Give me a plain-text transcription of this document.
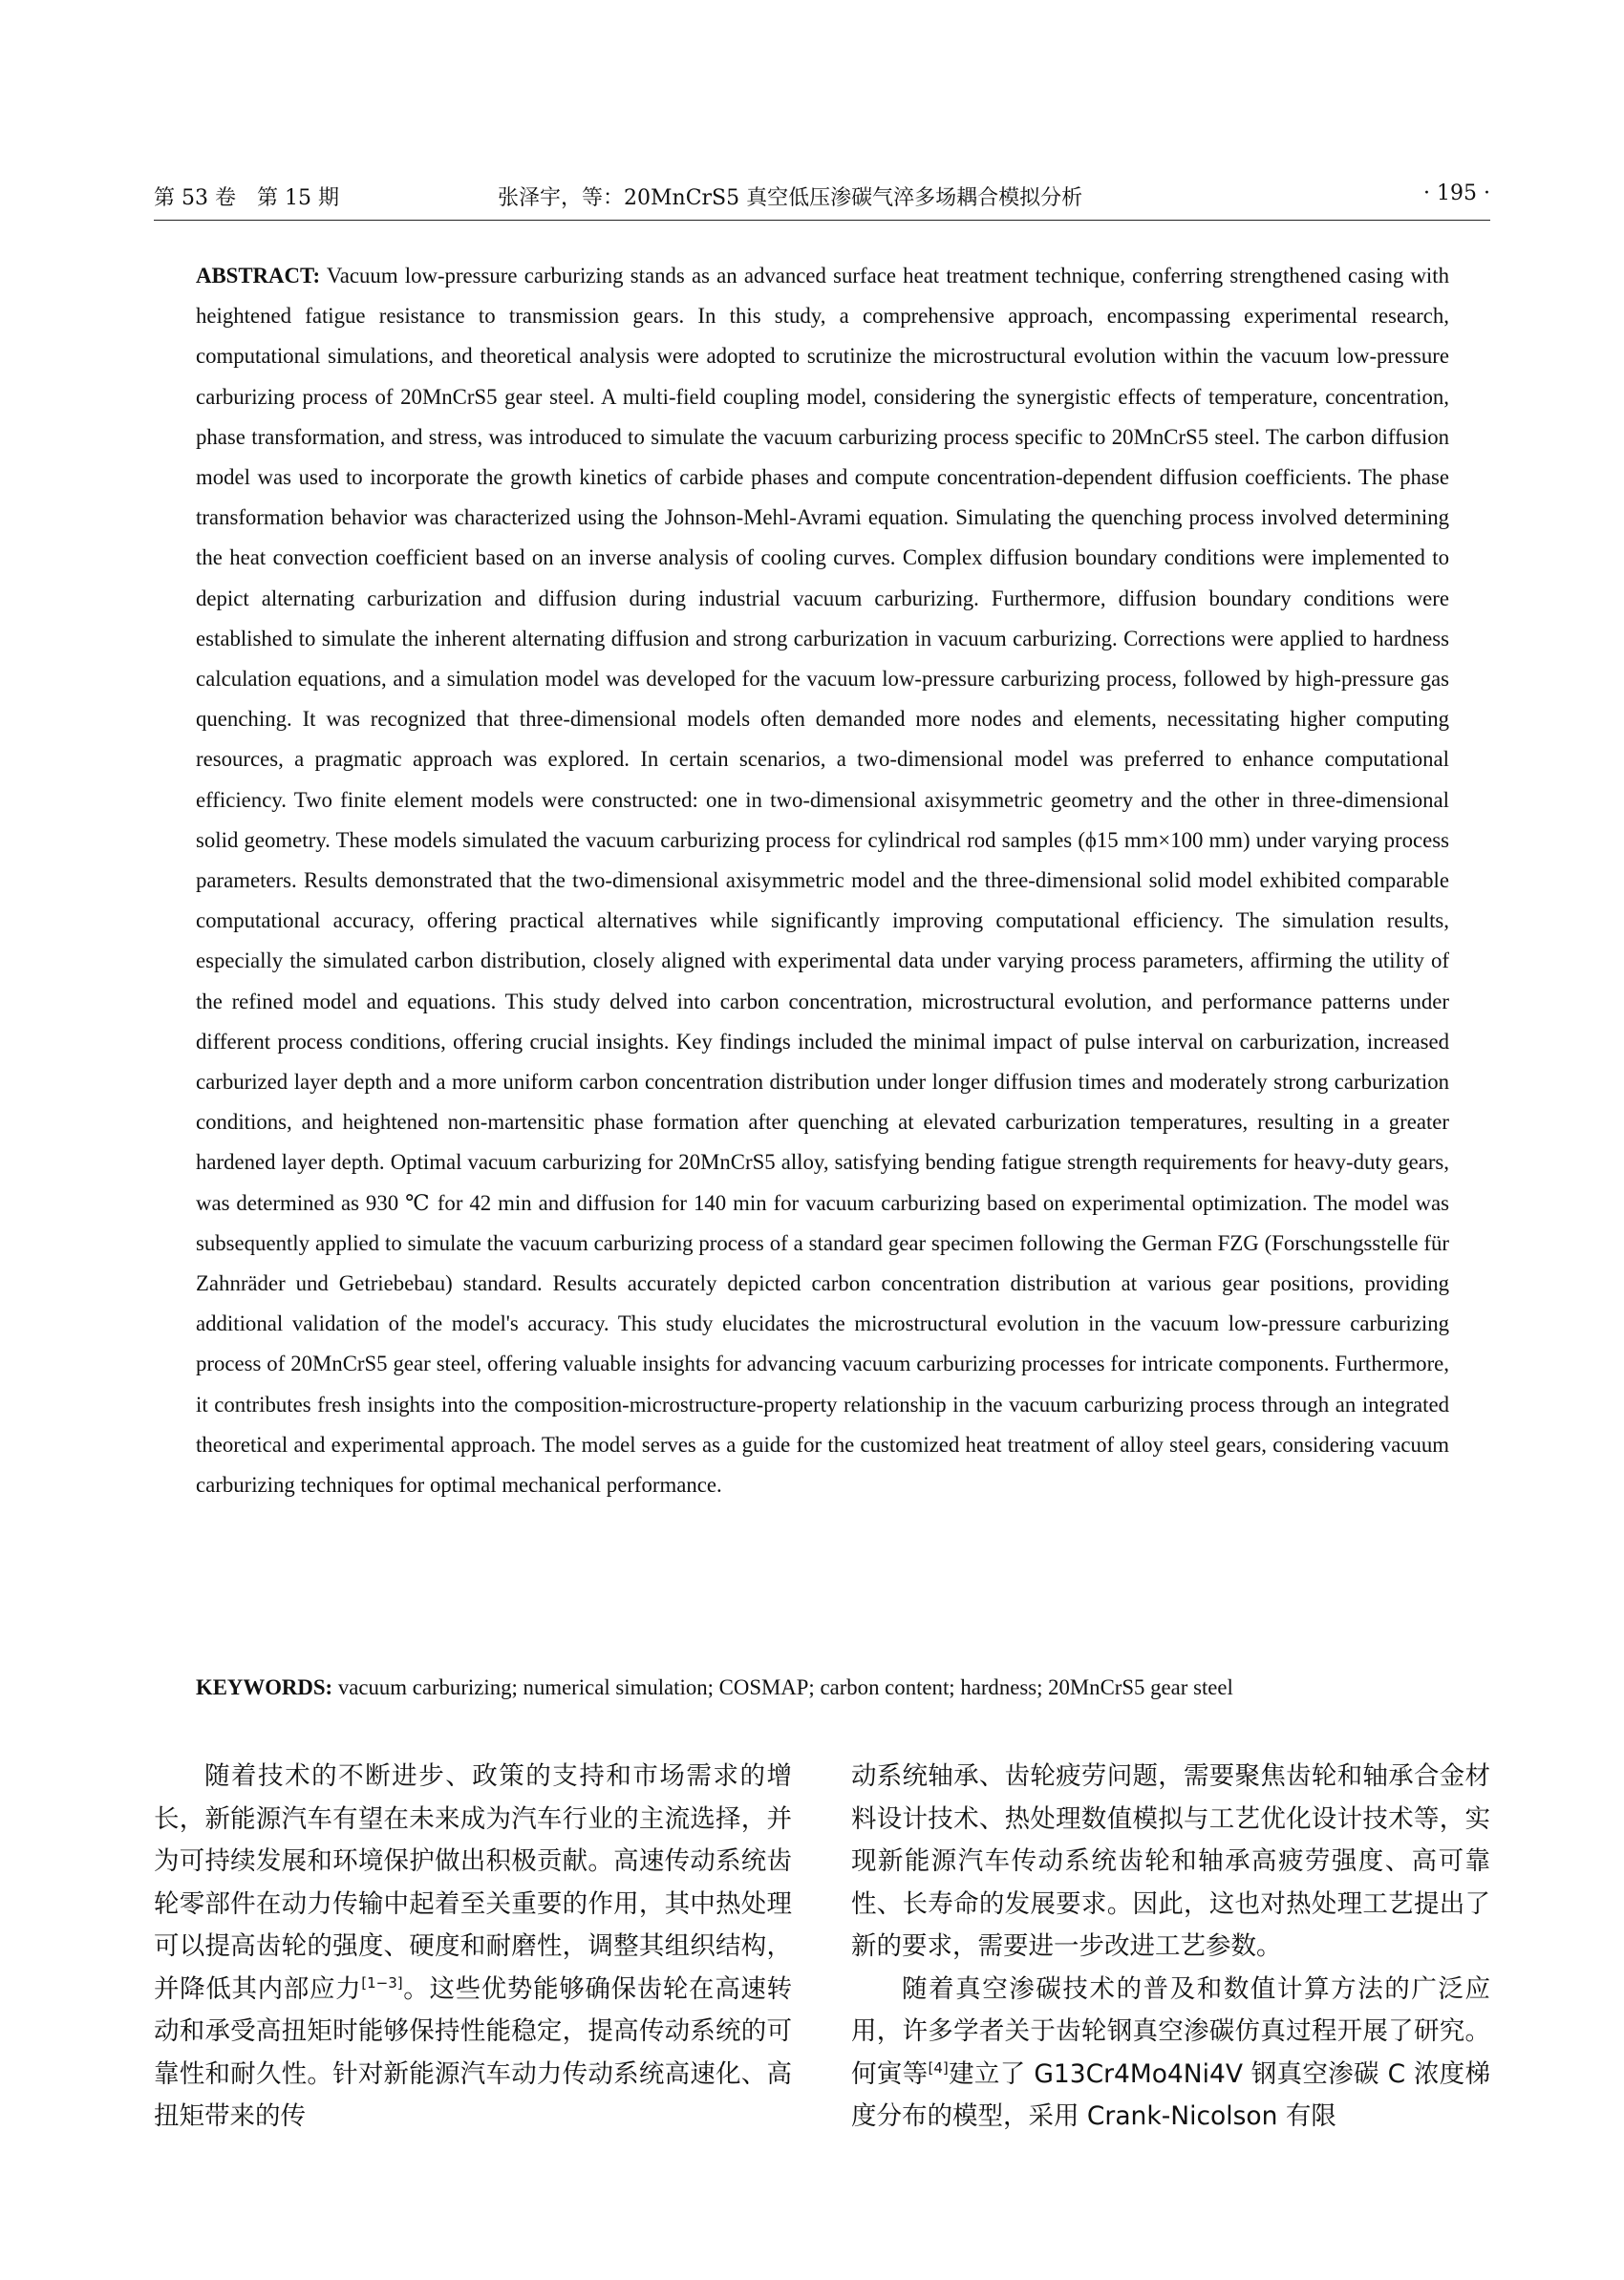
第 53 卷　第 15 期	张泽宇，等：20MnCrS5 真空低压渗碳气淬多场耦合模拟分析	· 195 ·
ABSTRACT: Vacuum low-pressure carburizing stands as an advanced surface heat treatment technique, conferring strengthened casing with heightened fatigue resistance to transmission gears. In this study, a comprehensive approach, encompassing experimental research, computational simulations, and theoretical analysis were adopted to scrutinize the microstructural evolution within the vacuum low-pressure carburizing process of 20MnCrS5 gear steel. A multi-field coupling model, considering the synergistic effects of temperature, concentration, phase transformation, and stress, was introduced to simulate the vacuum carburizing process specific to 20MnCrS5 steel. The carbon diffusion model was used to incorporate the growth kinetics of carbide phases and compute concentration-dependent diffusion coefficients. The phase transformation behavior was characterized using the Johnson-Mehl-Avrami equation. Simulating the quenching process involved determining the heat convection coefficient based on an inverse analysis of cooling curves. Complex diffusion boundary conditions were implemented to depict alternating carburization and diffusion during industrial vacuum carburizing. Furthermore, diffusion boundary conditions were established to simulate the inherent alternating diffusion and strong carburization in vacuum carburizing. Corrections were applied to hardness calculation equations, and a simulation model was developed for the vacuum low-pressure carburizing process, followed by high-pressure gas quenching. It was recognized that three-dimensional models often demanded more nodes and elements, necessitating higher computing resources, a pragmatic approach was explored. In certain scenarios, a two-dimensional model was preferred to enhance computational efficiency. Two finite element models were constructed: one in two-dimensional axisymmetric geometry and the other in three-dimensional solid geometry. These models simulated the vacuum carburizing process for cylindrical rod samples (ϕ15 mm×100 mm) under varying process parameters. Results demonstrated that the two-dimensional axisymmetric model and the three-dimensional solid model exhibited comparable computational accuracy, offering practical alternatives while significantly improving computational efficiency. The simulation results, especially the simulated carbon distribution, closely aligned with experimental data under varying process parameters, affirming the utility of the refined model and equations. This study delved into carbon concentration, microstructural evolution, and performance patterns under different process conditions, offering crucial insights. Key findings included the minimal impact of pulse interval on carburization, increased carburized layer depth and a more uniform carbon concentration distribution under longer diffusion times and moderately strong carburization conditions, and heightened non-martensitic phase formation after quenching at elevated carburization temperatures, resulting in a greater hardened layer depth. Optimal vacuum carburizing for 20MnCrS5 alloy, satisfying bending fatigue strength requirements for heavy-duty gears, was determined as 930 ℃ for 42 min and diffusion for 140 min for vacuum carburizing based on experimental optimization. The model was subsequently applied to simulate the vacuum carburizing process of a standard gear specimen following the German FZG (Forschungsstelle für Zahnräder und Getriebebau) standard. Results accurately depicted carbon concentration distribution at various gear positions, providing additional validation of the model's accuracy. This study elucidates the microstructural evolution in the vacuum low-pressure carburizing process of 20MnCrS5 gear steel, offering valuable insights for advancing vacuum carburizing processes for intricate components. Furthermore, it contributes fresh insights into the composition-microstructure-property relationship in the vacuum carburizing process through an integrated theoretical and experimental approach. The model serves as a guide for the customized heat treatment of alloy steel gears, considering vacuum carburizing techniques for optimal mechanical performance.
KEYWORDS: vacuum carburizing; numerical simulation; COSMAP; carbon content; hardness; 20MnCrS5 gear steel

随着技术的不断进步、政策的支持和市场需求的增长，新能源汽车有望在未来成为汽车行业的主流选择，并为可持续发展和环境保护做出积极贡献。高速传动系统齿轮零部件在动力传输中起着至关重要的作用，其中热处理可以提高齿轮的强度、硬度和耐磨性，调整其组织结构，并降低其内部应力[1−3]。这些优势能够确保齿轮在高速转动和承受高扭矩时能够保持性能稳定，提高传动系统的可靠性和耐久性。针对新能源汽车动力传动系统高速化、高扭矩带来的传

动系统轴承、齿轮疲劳问题，需要聚焦齿轮和轴承合金材料设计技术、热处理数值模拟与工艺优化设计技术等，实现新能源汽车传动系统齿轮和轴承高疲劳强度、高可靠性、长寿命的发展要求。因此，这也对热处理工艺提出了新的要求，需要进一步改进工艺参数。

随着真空渗碳技术的普及和数值计算方法的广泛应用，许多学者关于齿轮钢真空渗碳仿真过程开展了研究。何寅等[4]建立了 G13Cr4Mo4Ni4V 钢真空渗碳 C 浓度梯度分布的模型，采用 Crank-Nicolson 有限
